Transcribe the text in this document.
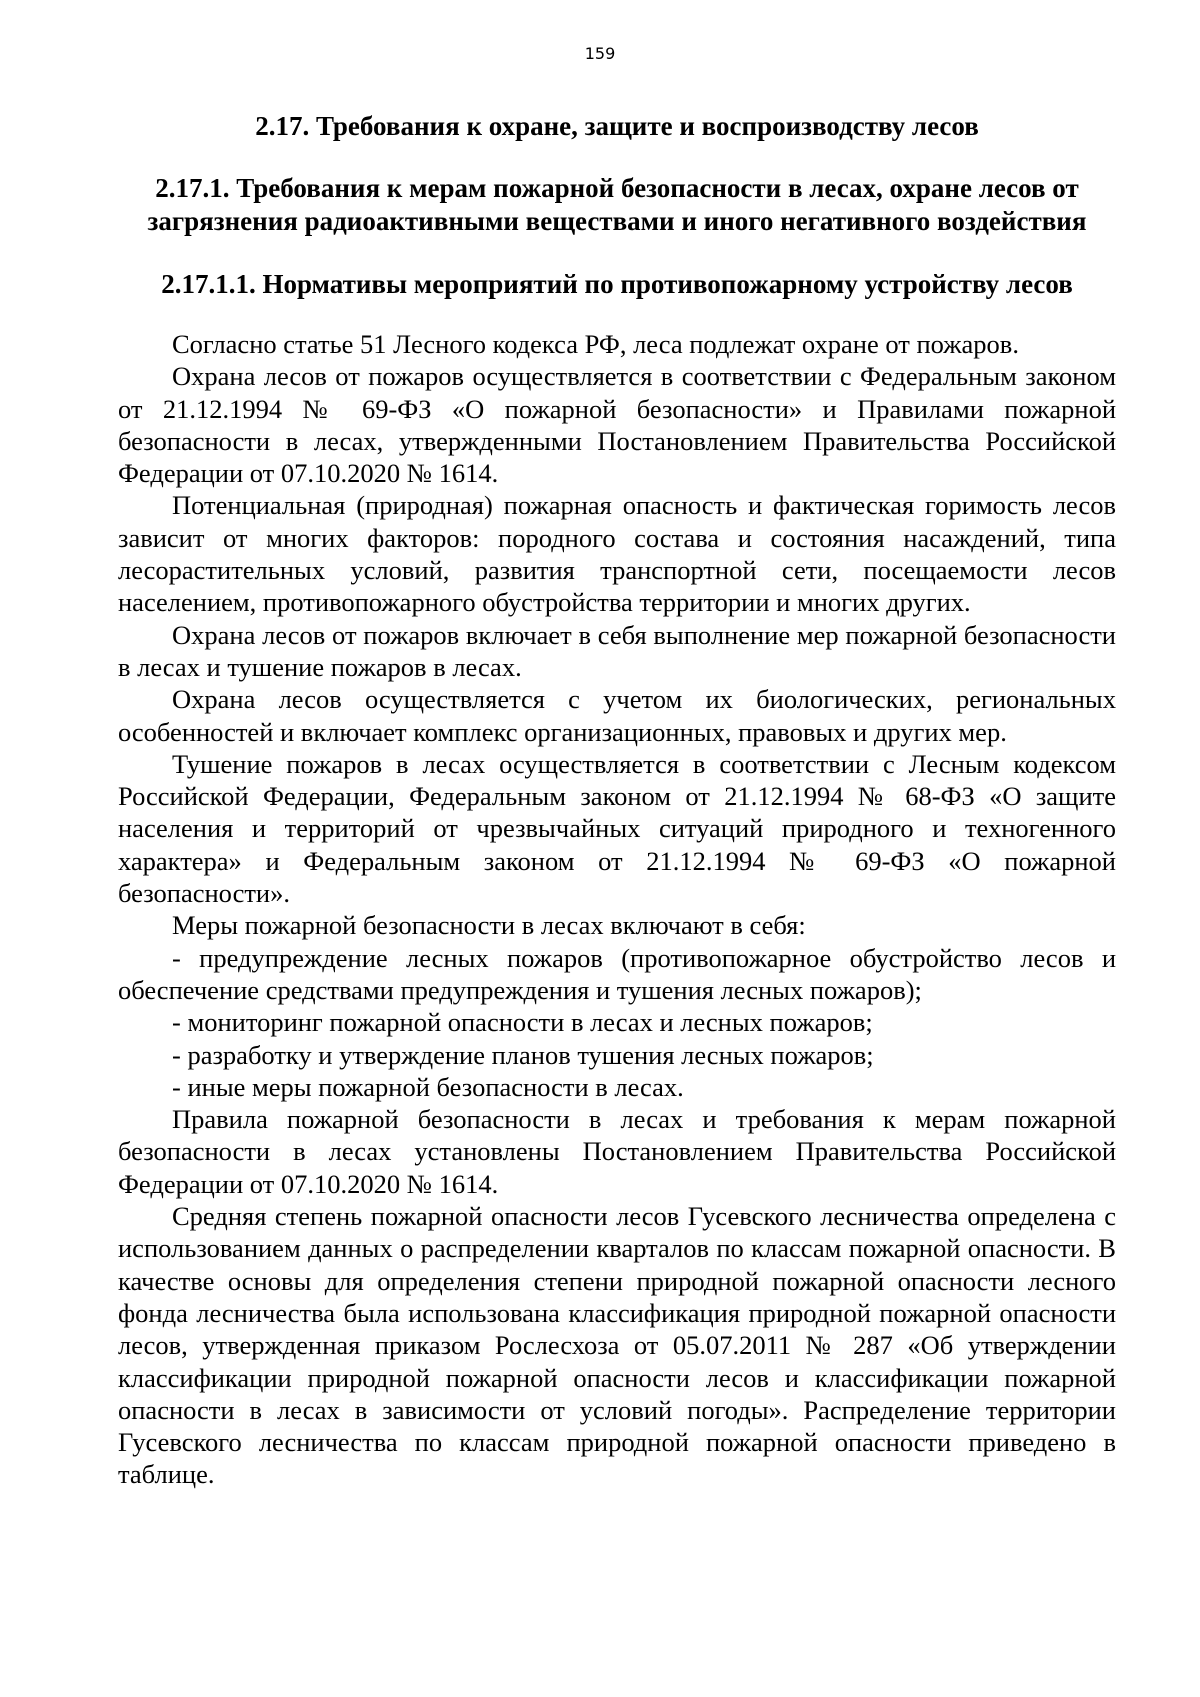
159
2.17. Требования к охране, защите и воспроизводству лесов
2.17.1. Требования к мерам пожарной безопасности в лесах, охране лесов от загрязнения радиоактивными веществами и иного негативного воздействия
2.17.1.1. Нормативы мероприятий по противопожарному устройству лесов

Согласно статье 51 Лесного кодекса РФ, леса подлежат охране от пожаров.

Охрана лесов от пожаров осуществляется в соответствии с Федеральным законом от 21.12.1994 № 69-ФЗ «О пожарной безопасности» и Правилами пожарной безопасности в лесах, утвержденными Постановлением Правительства Российской Федерации от 07.10.2020 № 1614.

Потенциальная (природная) пожарная опасность и фактическая горимость лесов зависит от многих факторов: породного состава и состояния насаждений, типа лесорастительных условий, развития транспортной сети, посещаемости лесов населением, противопожарного обустройства территории и многих других.

Охрана лесов от пожаров включает в себя выполнение мер пожарной безопасности в лесах и тушение пожаров в лесах.

Охрана лесов осуществляется с учетом их биологических, региональных особенностей и включает комплекс организационных, правовых и других мер.

Тушение пожаров в лесах осуществляется в соответствии с Лесным кодексом Российской Федерации, Федеральным законом от 21.12.1994 № 68-ФЗ «О защите населения и территорий от чрезвычайных ситуаций природного и техногенного характера» и Федеральным законом от 21.12.1994 № 69-ФЗ «О пожарной безопасности».

Меры пожарной безопасности в лесах включают в себя:

- предупреждение лесных пожаров (противопожарное обустройство лесов и обеспечение средствами предупреждения и тушения лесных пожаров);

- мониторинг пожарной опасности в лесах и лесных пожаров;

- разработку и утверждение планов тушения лесных пожаров;

- иные меры пожарной безопасности в лесах.

Правила пожарной безопасности в лесах и требования к мерам пожарной безопасности в лесах установлены Постановлением Правительства Российской Федерации от 07.10.2020 № 1614.

Средняя степень пожарной опасности лесов Гусевского лесничества определена с использованием данных о распределении кварталов по классам пожарной опасности. В качестве основы для определения степени природной пожарной опасности лесного фонда лесничества была использована классификация природной пожарной опасности лесов, утвержденная приказом Рослесхоза от 05.07.2011 № 287 «Об утверждении классификации природной пожарной опасности лесов и классификации пожарной опасности в лесах в зависимости от условий погоды». Распределение территории Гусевского лесничества по классам природной пожарной опасности приведено в таблице.
